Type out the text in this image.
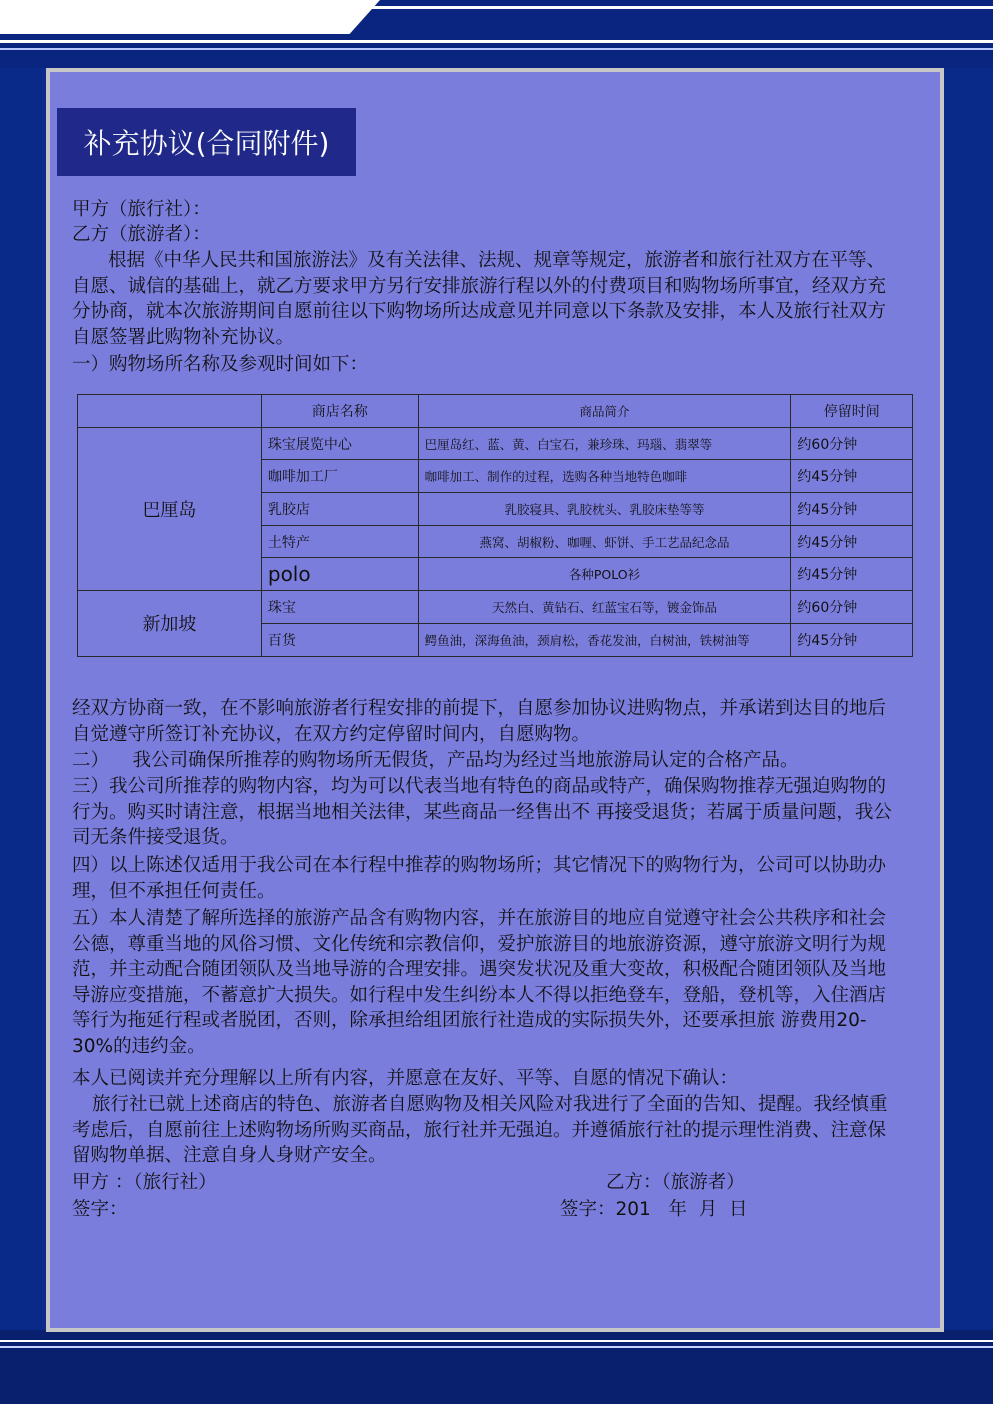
补充协议(合同附件)
甲方（旅行社）：
乙方（旅游者）：
根据《中华人民共和国旅游法》及有关法律、法规、规章等规定，旅游者和旅行社双方在平等、自愿、诚信的基础上，就乙方要求甲方另行安排旅游行程以外的付费项目和购物场所事宜，经双方充分协商，就本次旅游期间自愿前往以下购物场所达成意见并同意以下条款及安排，本人及旅行社双方自愿签署此购物补充协议。
一）购物场所名称及参观时间如下：
	商店名称	商品简介	停留时间
巴厘岛	珠宝展览中心	巴厘岛红、蓝、黄、白宝石，兼珍珠、玛瑙、翡翠等	约60分钟
	咖啡加工厂	咖啡加工、制作的过程，选购各种当地特色咖啡	约45分钟
	乳胶店	乳胶寝具、乳胶枕头、乳胶床垫等等	约45分钟
	土特产	燕窝、胡椒粉、咖喱、虾饼、手工艺品纪念品	约45分钟
	polo	各种POLO衫	约45分钟
新加坡	珠宝	天然白、黄钻石、红蓝宝石等，镀金饰品	约60分钟
	百货	鳄鱼油，深海鱼油，颈肩松，香花发油，白树油，铁树油等	约45分钟
经双方协商一致，在不影响旅游者行程安排的前提下，自愿参加协议进购物点，并承诺到达目的地后自觉遵守所签订补充协议，在双方约定停留时间内，自愿购物。
二）    我公司确保所推荐的购物场所无假货，产品均为经过当地旅游局认定的合格产品。
三）我公司所推荐的购物内容，均为可以代表当地有特色的商品或特产，确保购物推荐无强迫购物的行为。购买时请注意，根据当地相关法律，某些商品一经售出不 再接受退货；若属于质量问题，我公司无条件接受退货。
四）以上陈述仅适用于我公司在本行程中推荐的购物场所；其它情况下的购物行为，公司可以协助办理，但不承担任何责任。
五）本人清楚了解所选择的旅游产品含有购物内容，并在旅游目的地应自觉遵守社会公共秩序和社会公德，尊重当地的风俗习惯、文化传统和宗教信仰，爱护旅游目的地旅游资源，遵守旅游文明行为规范，并主动配合随团领队及当地导游的合理安排。遇突发状况及重大变故，积极配合随团领队及当地导游应变措施，不蓄意扩大损失。如行程中发生纠纷本人不得以拒绝登车，登船，登机等，入住酒店等行为拖延行程或者脱团，否则，除承担给组团旅行社造成的实际损失外，还要承担旅 游费用20-30%的违约金。
本人已阅读并充分理解以上所有内容，并愿意在友好、平等、自愿的情况下确认：
旅行社已就上述商店的特色、旅游者自愿购物及相关风险对我进行了全面的告知、提醒。我经慎重考虑后，自愿前往上述购物场所购买商品，旅行社并无强迫。并遵循旅行社的提示理性消费、注意保留购物单据、注意自身人身财产安全。
甲方 ：（旅行社）	乙方：（旅游者）
签字：	签字：201   年  月  日
